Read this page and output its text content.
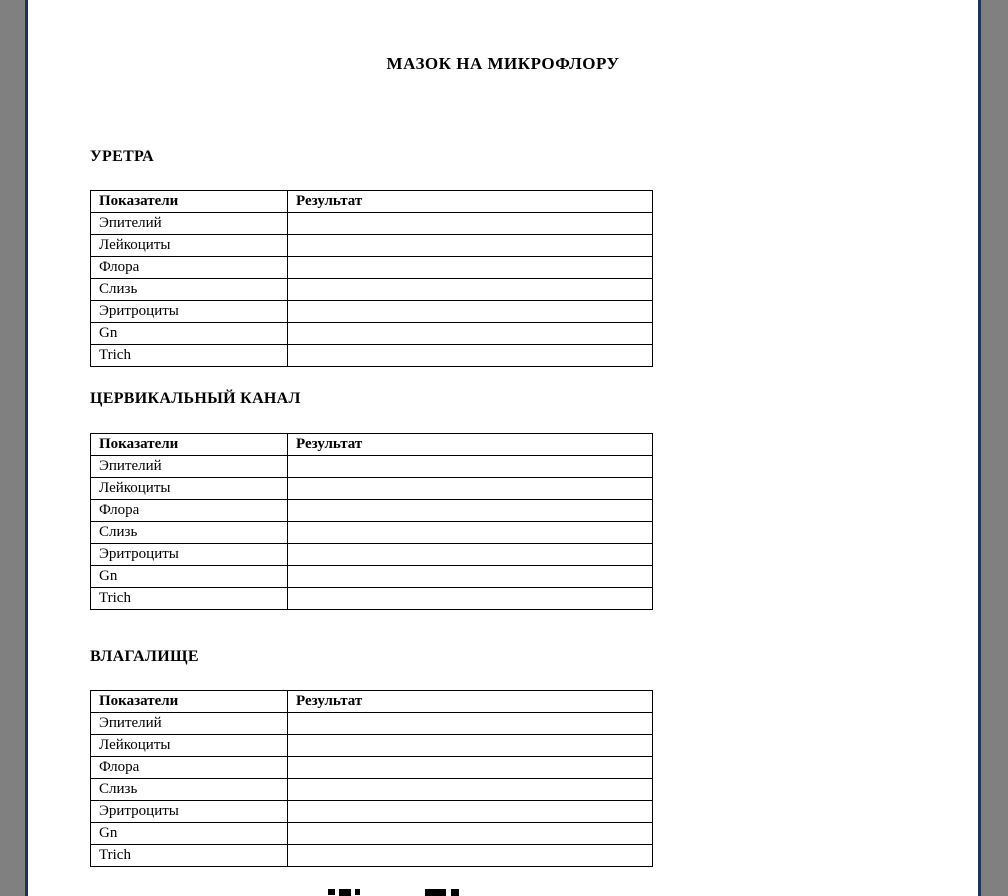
МАЗОК НА МИКРОФЛОРУ
УРЕТРА
Показатели	Результат
Эпителий	
Лейкоциты	
Флора	
Слизь	
Эритроциты	
Gn	
Trich	
ЦЕРВИКАЛЬНЫЙ КАНАЛ
Показатели	Результат
Эпителий	
Лейкоциты	
Флора	
Слизь	
Эритроциты	
Gn	
Trich	
ВЛАГАЛИЩЕ
Показатели	Результат
Эпителий	
Лейкоциты	
Флора	
Слизь	
Эритроциты	
Gn	
Trich	
